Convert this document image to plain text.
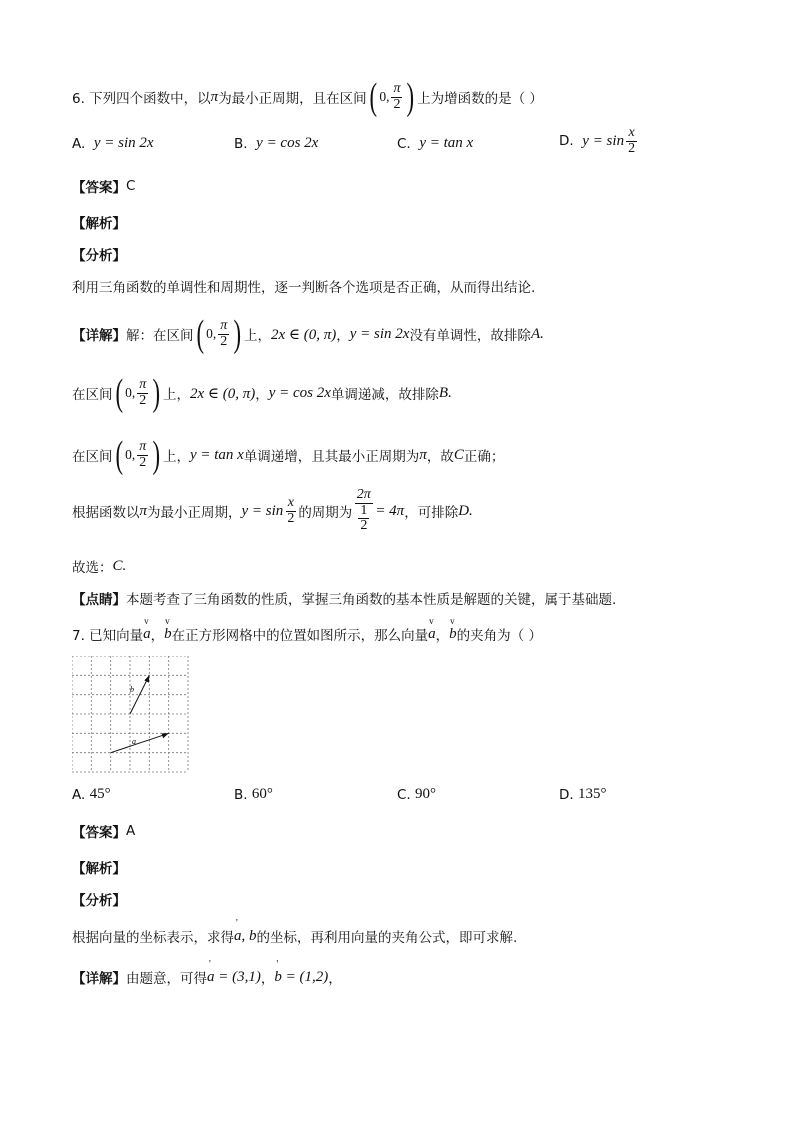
6. 下列四个函数中，以 π 为最小正周期，且在区间 ( 0, $\frac{\pi}{2}$ ) 上为增函数的是（ ）
A.
y = sin 2x	B.
y = cos 2x	C.
y = tan x	D.
$y = \sin \frac{x}{2}$
【答案】 C
【解析】
【分析】
利用三角函数的单调性和周期性，逐一判断各个选项是否正确，从而得出结论.
【详解】 解：在区间 ( 0, $\frac{\pi}{2}$ ) 上， 2x ∈ (0, π) ， y = sin 2x 没有单调性，故排除 A.
在区间 ( 0, $\frac{\pi}{2}$ ) 上， 2x ∈ (0, π) ， y = cos 2x 单调递减，故排除 B.
在区间 ( 0, $\frac{\pi}{2}$ ) 上， y = tan x 单调递增，且其最小正周期为 π ，故 C 正确；
根据函数以 π 为最小正周期， $y = \sin \frac{x}{2}$ 的周期为 $\frac{2\pi}{\frac{1}{2}} = 4\pi$ ，可排除 D.
故选： C.
【点睛】 本题考查了三角函数的性质，掌握三角函数的基本性质是解题的关键，属于基础题.
7. 已知向量 v a ， v b 在正方形网格中的位置如图所示，那么向量 v a ， v b 的夹角为（ ）
a
b
A.
45°	B.
60°	C.
90°	D.
135°
【答案】 A
【解析】
【分析】
根据向量的坐标表示，求得 ' a, b 的坐标，再利用向量的夹角公式，即可求解.
【详解】 由题意，可得 ' a = (3,1) ， ' b = (1,2) ，
